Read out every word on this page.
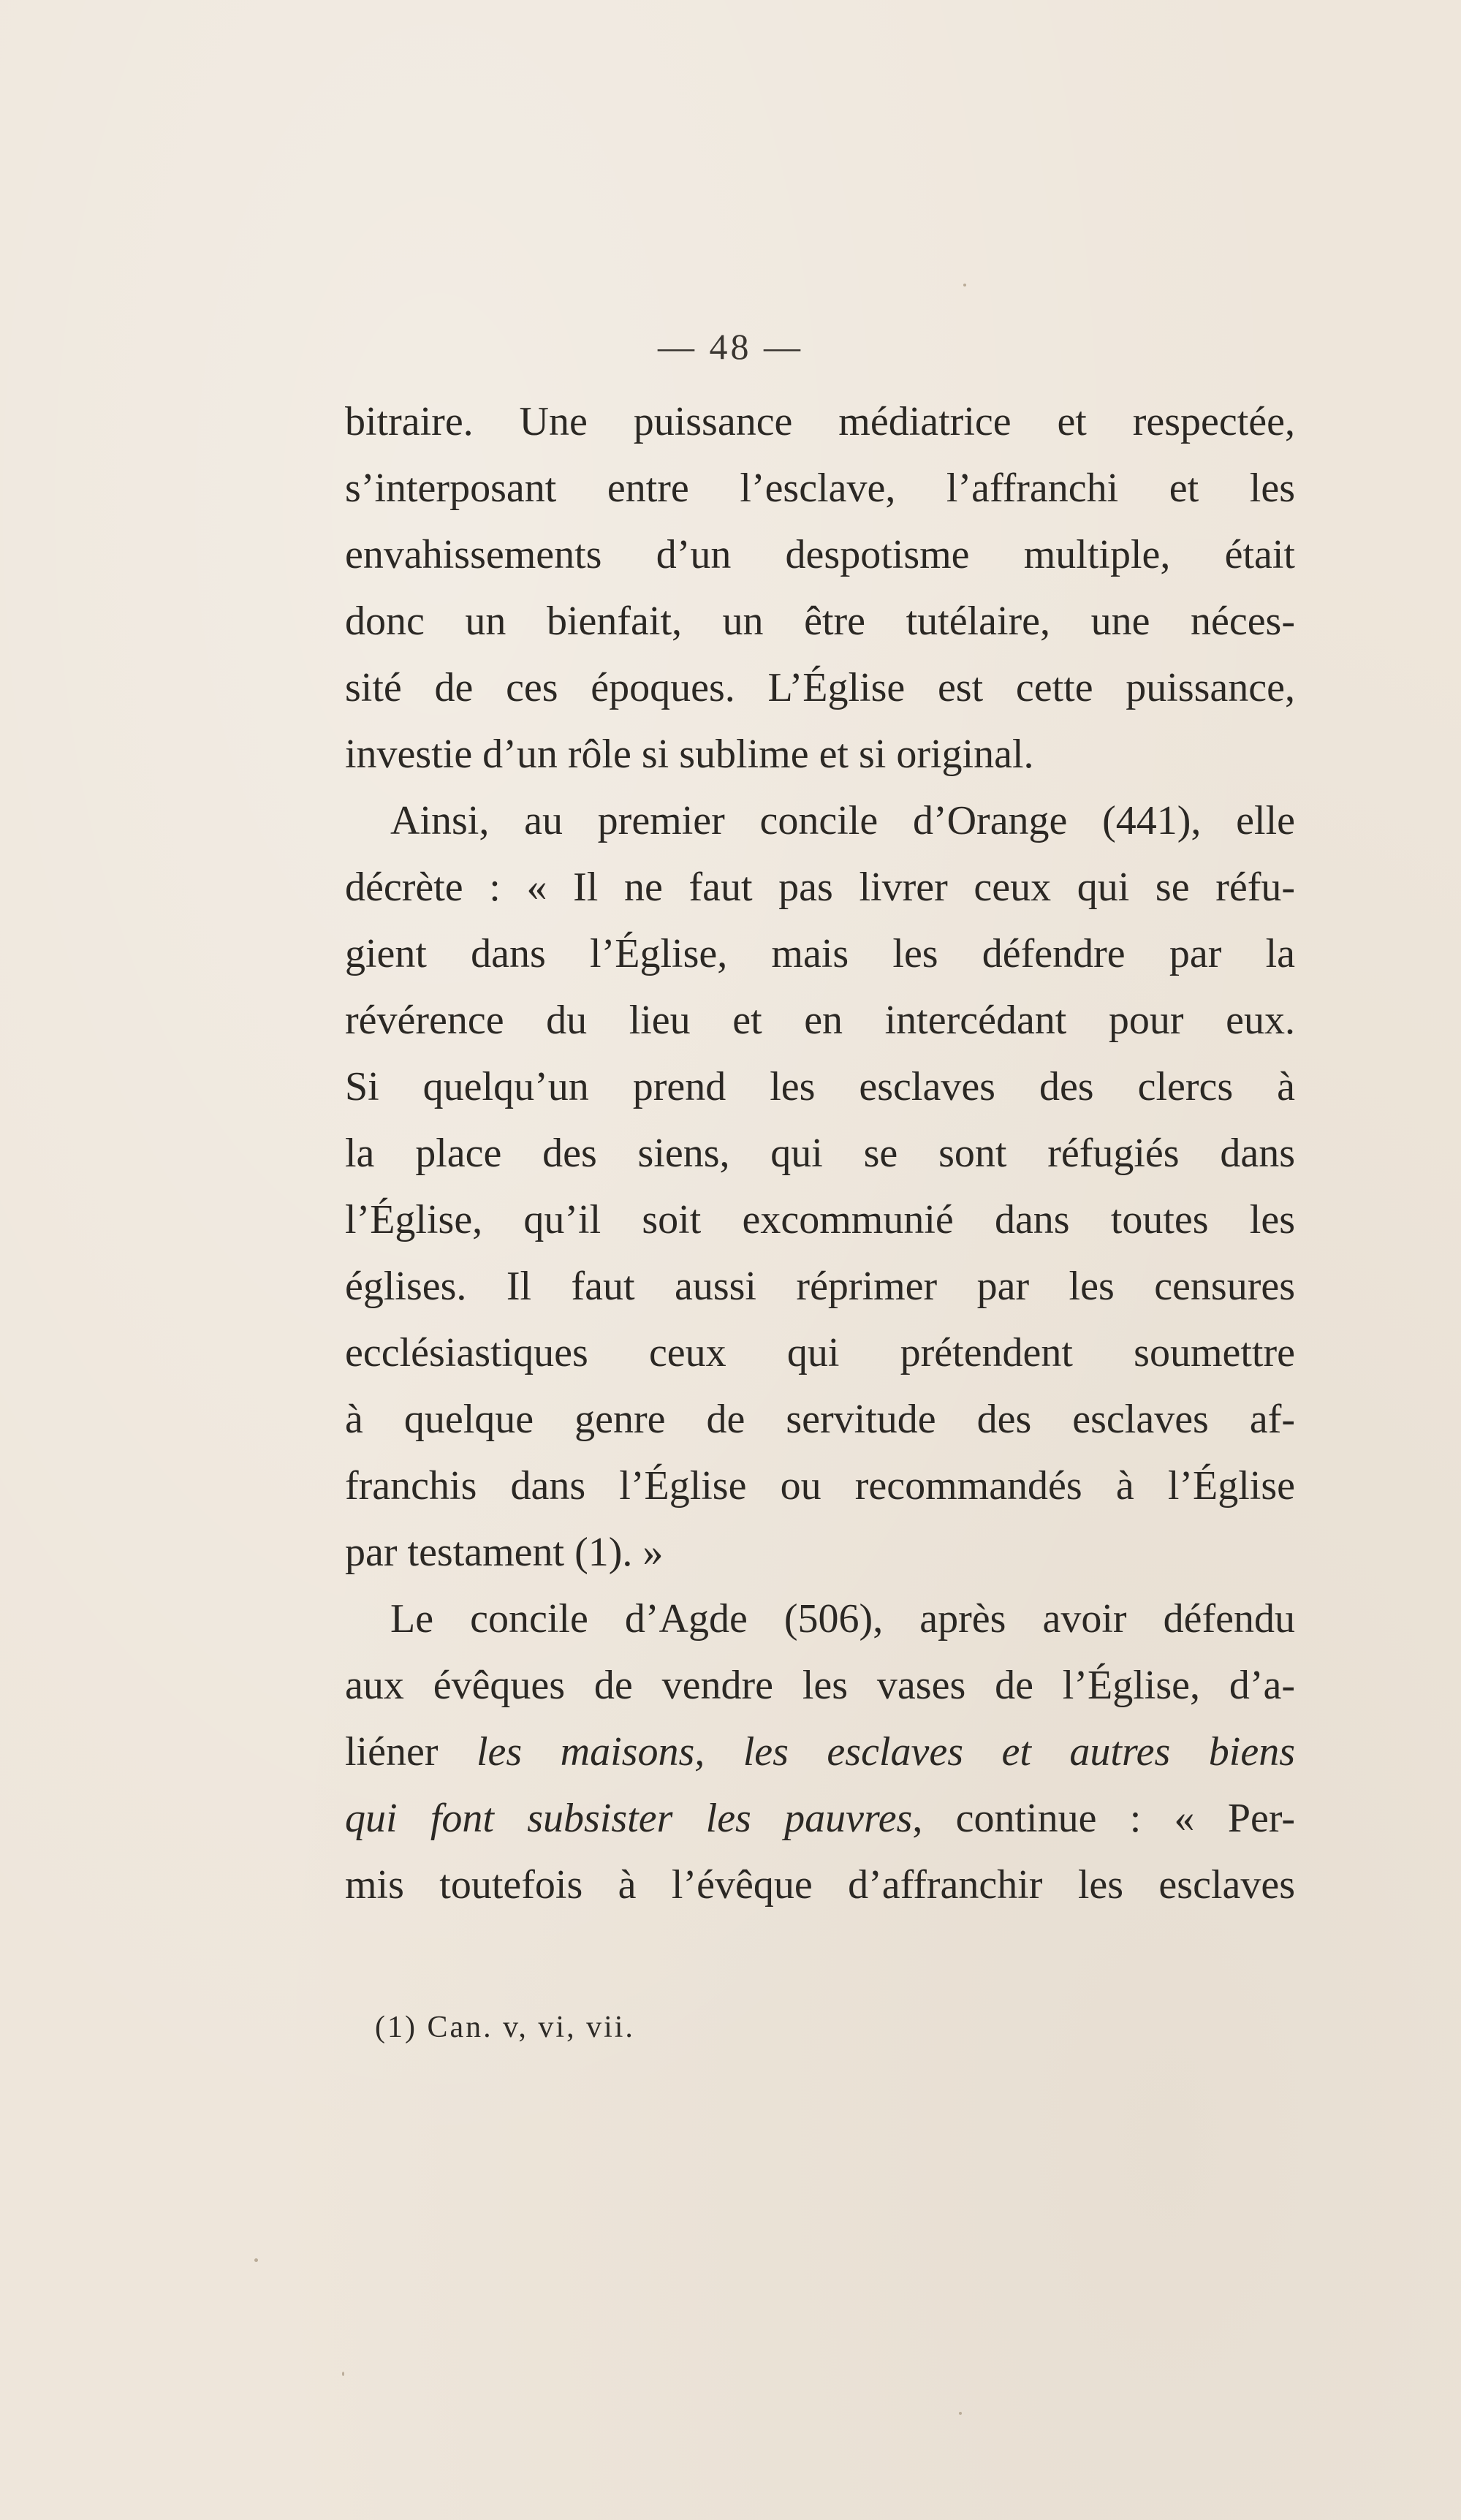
— 48 —
bitraire. Une puissance médiatrice et respectée,
s’interposant entre l’esclave, l’affranchi et les
envahissements d’un despotisme multiple, était
donc un bienfait, un être tutélaire, une néces-
sité de ces époques. L’Église est cette puissance,
investie d’un rôle si sublime et si original.
Ainsi, au premier concile d’Orange (441), elle
décrète : « Il ne faut pas livrer ceux qui se réfu-
gient dans l’Église, mais les défendre par la
révérence du lieu et en intercédant pour eux.
Si quelqu’un prend les esclaves des clercs à
la place des siens, qui se sont réfugiés dans
l’Église, qu’il soit excommunié dans toutes les
églises. Il faut aussi réprimer par les censures
ecclésiastiques ceux qui prétendent soumettre
à quelque genre de servitude des esclaves af-
franchis dans l’Église ou recommandés à l’Église
par testament (1). »
Le concile d’Agde (506), après avoir défendu
aux évêques de vendre les vases de l’Église, d’a-
liéner les maisons, les esclaves et autres biens
qui font subsister les pauvres, continue : « Per-
mis toutefois à l’évêque d’affranchir les esclaves
(1) Can. v, vi, vii.
